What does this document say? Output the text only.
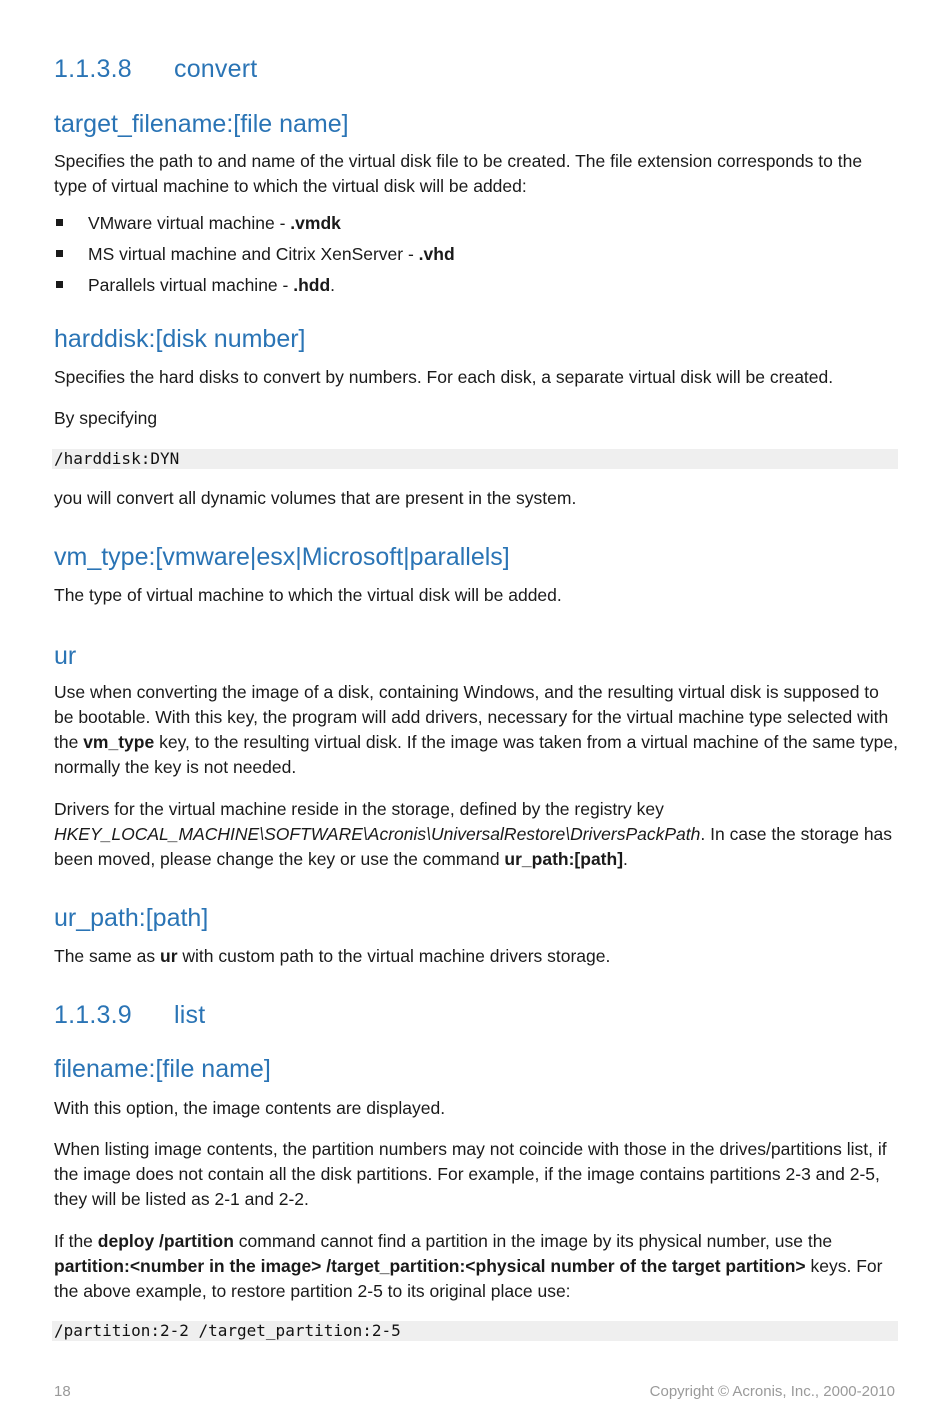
1.1.3.8 convert
target_filename:[file name]
Specifies the path to and name of the virtual disk file to be created. The file extension corresponds to the type of virtual machine to which the virtual disk will be added:
VMware virtual machine - .vmdk
MS virtual machine and Citrix XenServer - .vhd
Parallels virtual machine - .hdd.
harddisk:[disk number]
Specifies the hard disks to convert by numbers. For each disk, a separate virtual disk will be created.
By specifying
/harddisk:DYN
you will convert all dynamic volumes that are present in the system.
vm_type:[vmware|esx|Microsoft|parallels]
The type of virtual machine to which the virtual disk will be added.
ur
Use when converting the image of a disk, containing Windows, and the resulting virtual disk is supposed to be bootable. With this key, the program will add drivers, necessary for the virtual machine type selected with the vm_type key, to the resulting virtual disk. If the image was taken from a virtual machine of the same type, normally the key is not needed.
Drivers for the virtual machine reside in the storage, defined by the registry key HKEY_LOCAL_MACHINE\SOFTWARE\Acronis\UniversalRestore\DriversPackPath. In case the storage has been moved, please change the key or use the command ur_path:[path].
ur_path:[path]
The same as ur with custom path to the virtual machine drivers storage.
1.1.3.9 list
filename:[file name]
With this option, the image contents are displayed.
When listing image contents, the partition numbers may not coincide with those in the drives/partitions list, if the image does not contain all the disk partitions. For example, if the image contains partitions 2-3 and 2-5, they will be listed as 2-1 and 2-2.
If the deploy /partition command cannot find a partition in the image by its physical number, use the partition:<number in the image> /target_partition:<physical number of the target partition> keys. For the above example, to restore partition 2-5 to its original place use:
/partition:2-2 /target_partition:2-5
18	Copyright © Acronis, Inc., 2000-2010
